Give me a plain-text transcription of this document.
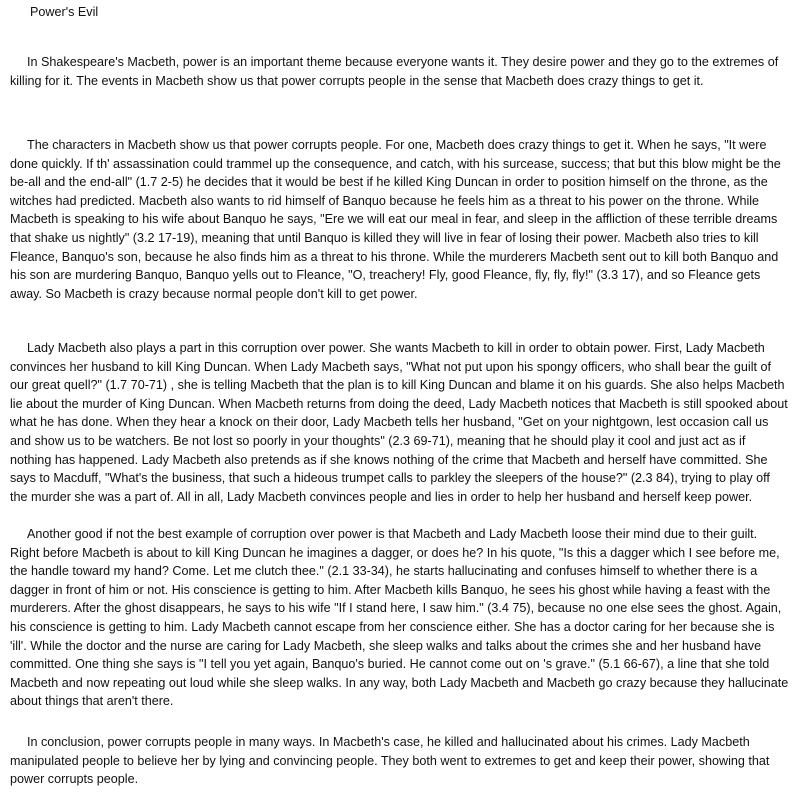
Power's Evil

In Shakespeare's Macbeth, power is an important theme because everyone wants it. They desire power and they go to the extremes of killing for it. The events in Macbeth show us that power corrupts people in the sense that Macbeth does crazy things to get it.

The characters in Macbeth show us that power corrupts people. For one, Macbeth does crazy things to get it. When he says, "It were done quickly. If th' assassination could trammel up the consequence, and catch, with his surcease, success; that but this blow might be the be-all and the end-all" (1.7 2-5) he decides that it would be best if he killed King Duncan in order to position himself on the throne, as the witches had predicted. Macbeth also wants to rid himself of Banquo because he feels him as a threat to his power on the throne. While Macbeth is speaking to his wife about Banquo he says, "Ere we will eat our meal in fear, and sleep in the affliction of these terrible dreams that shake us nightly" (3.2 17-19), meaning that until Banquo is killed they will live in fear of losing their power. Macbeth also tries to kill Fleance, Banquo's son, because he also finds him as a threat to his throne. While the murderers Macbeth sent out to kill both Banquo and his son are murdering Banquo, Banquo yells out to Fleance, "O, treachery! Fly, good Fleance, fly, fly, fly!" (3.3 17), and so Fleance gets away. So Macbeth is crazy because normal people don't kill to get power.

Lady Macbeth also plays a part in this corruption over power. She wants Macbeth to kill in order to obtain power. First, Lady Macbeth convinces her husband to kill King Duncan. When Lady Macbeth says, "What not put upon his spongy officers, who shall bear the guilt of our great quell?" (1.7 70-71) , she is telling Macbeth that the plan is to kill King Duncan and blame it on his guards. She also helps Macbeth lie about the murder of King Duncan. When Macbeth returns from doing the deed, Lady Macbeth notices that Macbeth is still spooked about what he has done. When they hear a knock on their door, Lady Macbeth tells her husband, "Get on your nightgown, lest occasion call us and show us to be watchers. Be not lost so poorly in your thoughts" (2.3 69-71), meaning that he should play it cool and just act as if nothing has happened. Lady Macbeth also pretends as if she knows nothing of the crime that Macbeth and herself have committed. She says to Macduff, "What's the business, that such a hideous trumpet calls to parkley the sleepers of the house?" (2.3 84), trying to play off the murder she was a part of. All in all, Lady Macbeth convinces people and lies in order to help her husband and herself keep power.

Another good if not the best example of corruption over power is that Macbeth and Lady Macbeth loose their mind due to their guilt. Right before Macbeth is about to kill King Duncan he imagines a dagger, or does he? In his quote, "Is this a dagger which I see before me, the handle toward my hand? Come. Let me clutch thee." (2.1 33-34), he starts hallucinating and confuses himself to whether there is a dagger in front of him or not. His conscience is getting to him. After Macbeth kills Banquo, he sees his ghost while having a feast with the murderers. After the ghost disappears, he says to his wife "If I stand here, I saw him." (3.4 75), because no one else sees the ghost. Again, his conscience is getting to him. Lady Macbeth cannot escape from her conscience either. She has a doctor caring for her because she is 'ill'. While the doctor and the nurse are caring for Lady Macbeth, she sleep walks and talks about the crimes she and her husband have committed. One thing she says is "I tell you yet again, Banquo's buried. He cannot come out on 's grave." (5.1 66-67), a line that she told Macbeth and now repeating out loud while she sleep walks. In any way, both Lady Macbeth and Macbeth go crazy because they hallucinate about things that aren't there.

In conclusion, power corrupts people in many ways. In Macbeth's case, he killed and hallucinated about his crimes. Lady Macbeth manipulated people to believe her by lying and convincing people. They both went to extremes to get and keep their power, showing that power corrupts people.
